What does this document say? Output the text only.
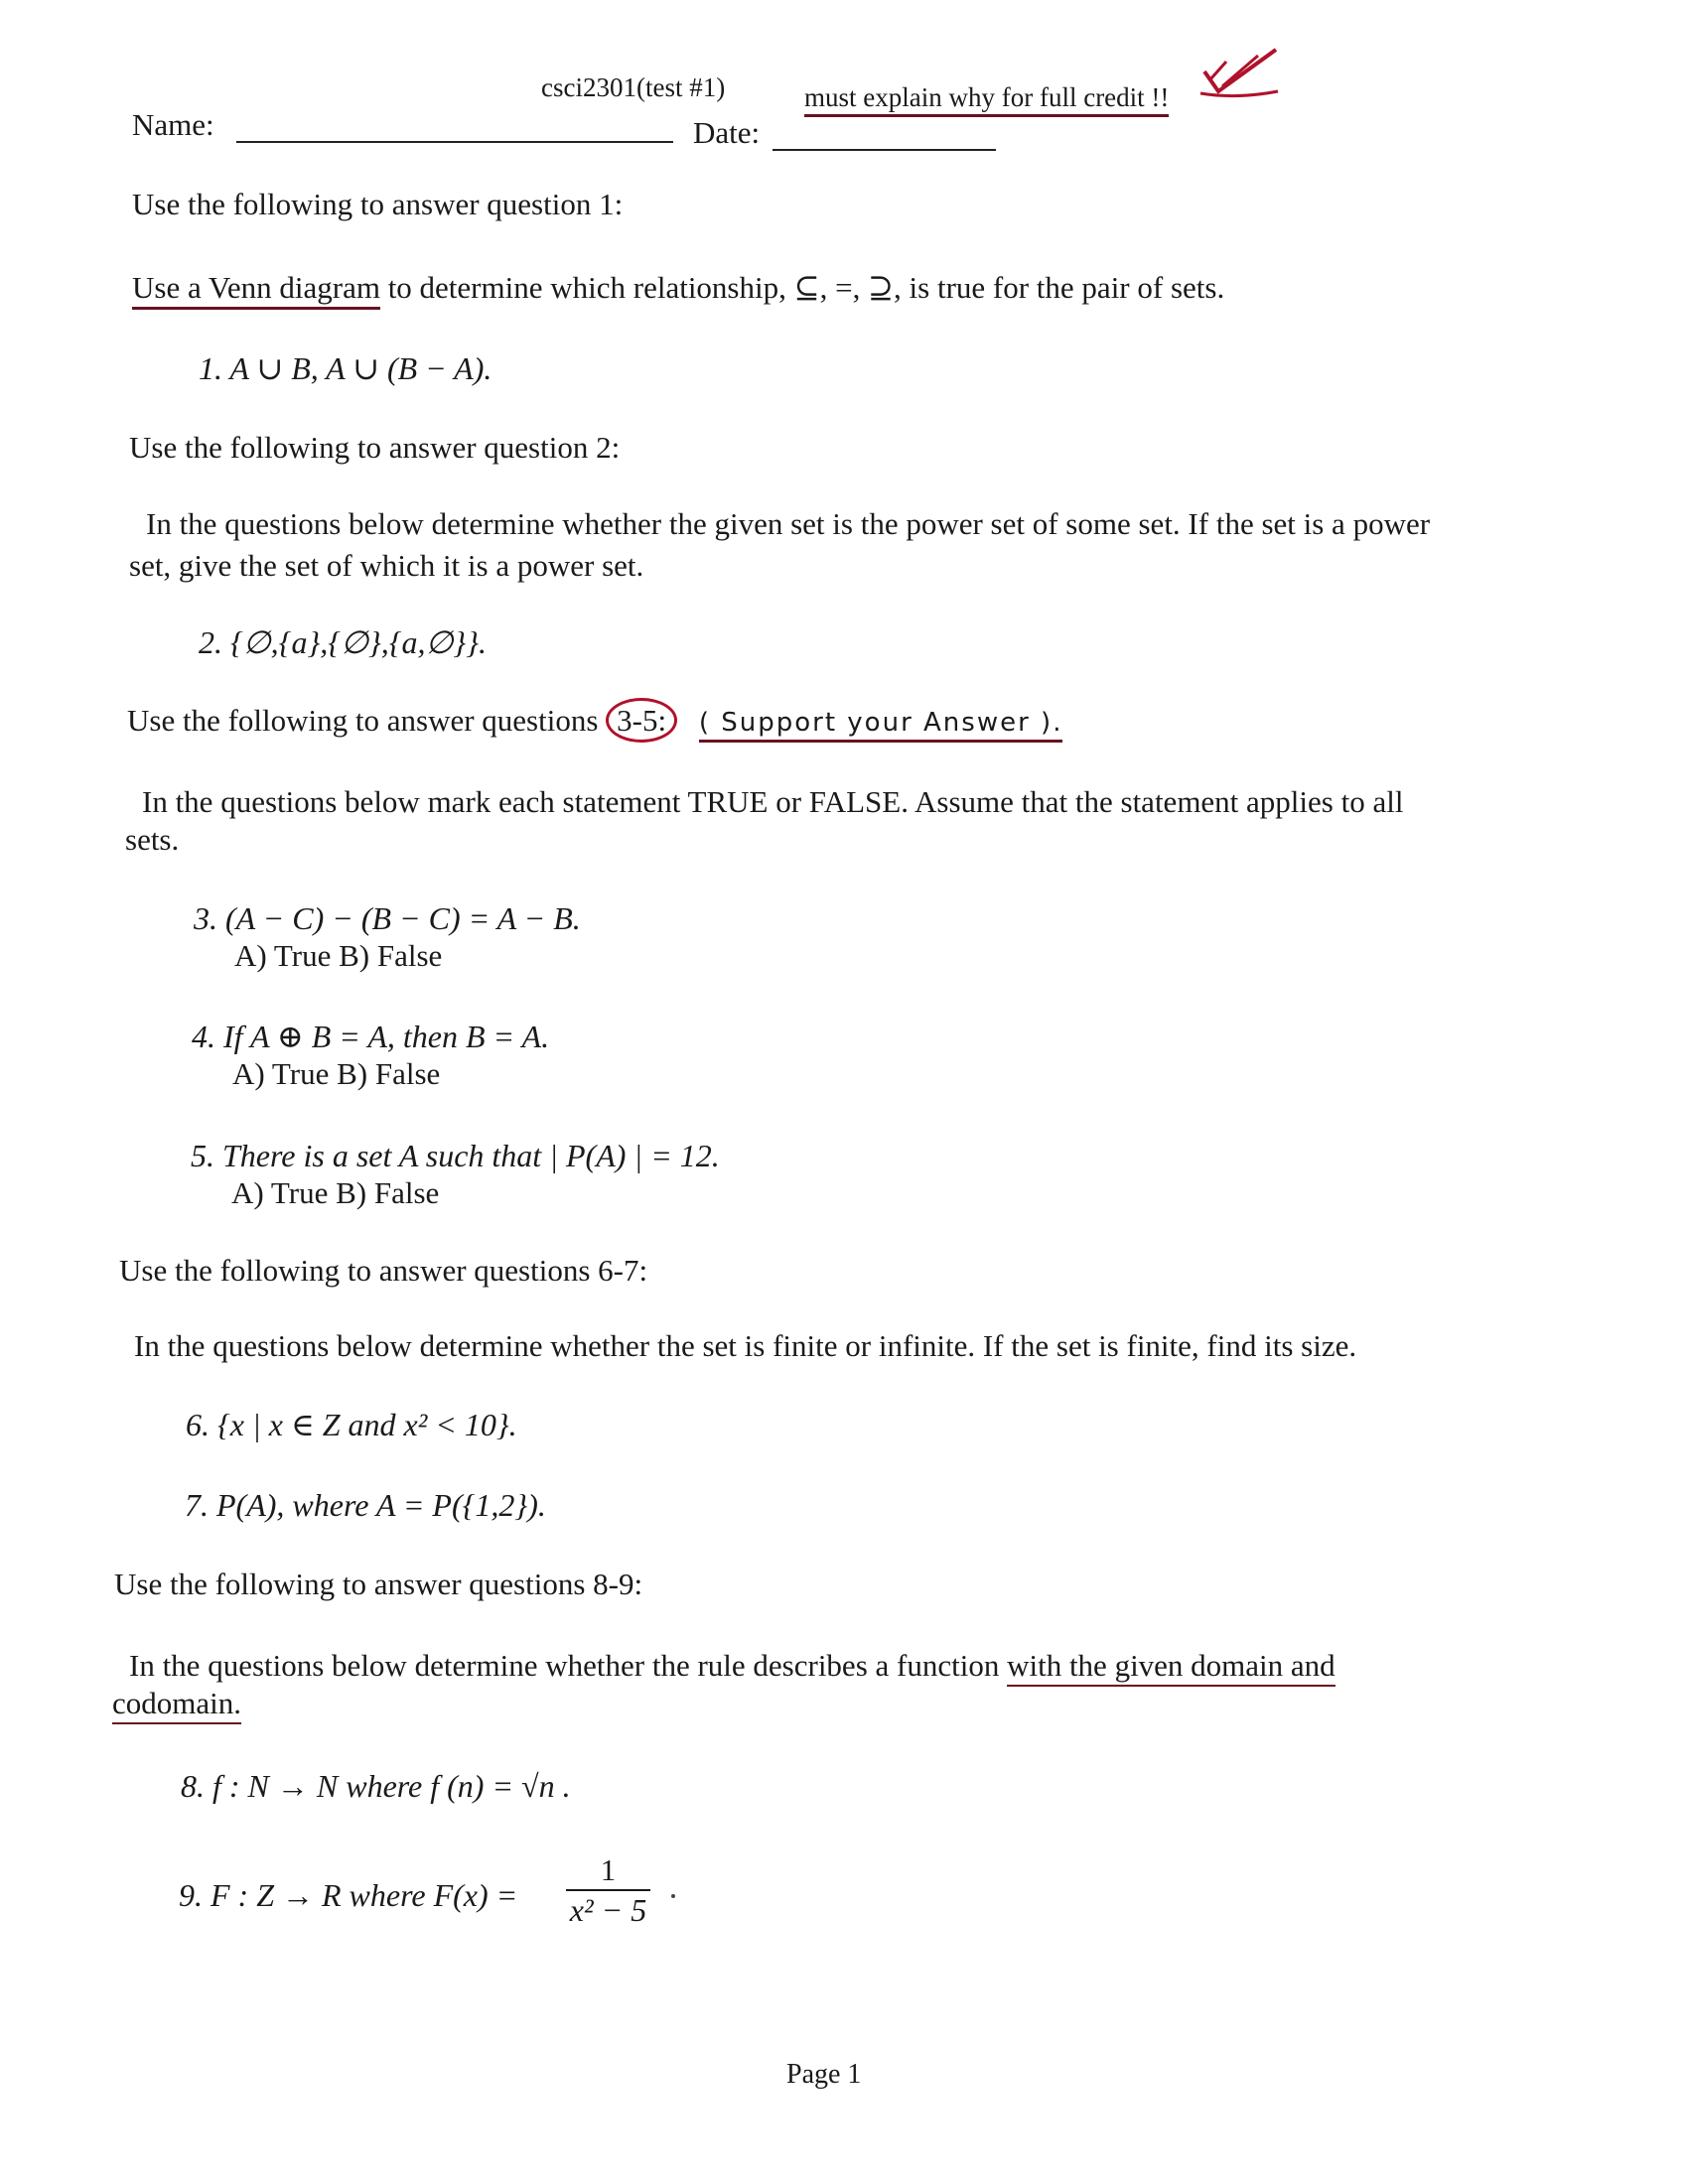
csci2301(test #1)	must explain why for full credit !!
Name:	Date:
Use the following to answer question 1:
Use a Venn diagram to determine which relationship, ⊆, =, ⊇, is true for the pair of sets.
1. A ∪ B, A ∪ (B − A).
Use the following to answer question 2:
In the questions below determine whether the given set is the power set of some set. If the set is a power
set, give the set of which it is a power set.
2. {∅,{a},{∅},{a,∅}}.
Use the following to answer questions 3-5: ( Support your Answer ).
In the questions below mark each statement TRUE or FALSE. Assume that the statement applies to all
sets.
3. (A − C) − (B − C) = A − B.
A) True B) False
4. If A ⊕ B = A, then B = A.
A) True B) False
5. There is a set A such that | P(A) | = 12.
A) True B) False
Use the following to answer questions 6-7:
In the questions below determine whether the set is finite or infinite. If the set is finite, find its size.
6. {x | x ∈ Z and x² < 10}.
7. P(A), where A = P({1,2}).
Use the following to answer questions 8-9:
In the questions below determine whether the rule describes a function with the given domain and
codomain.
8. f : N → N where f (n) = √n .
9. F : Z → R where F(x) =
1
x² − 5
Page 1
